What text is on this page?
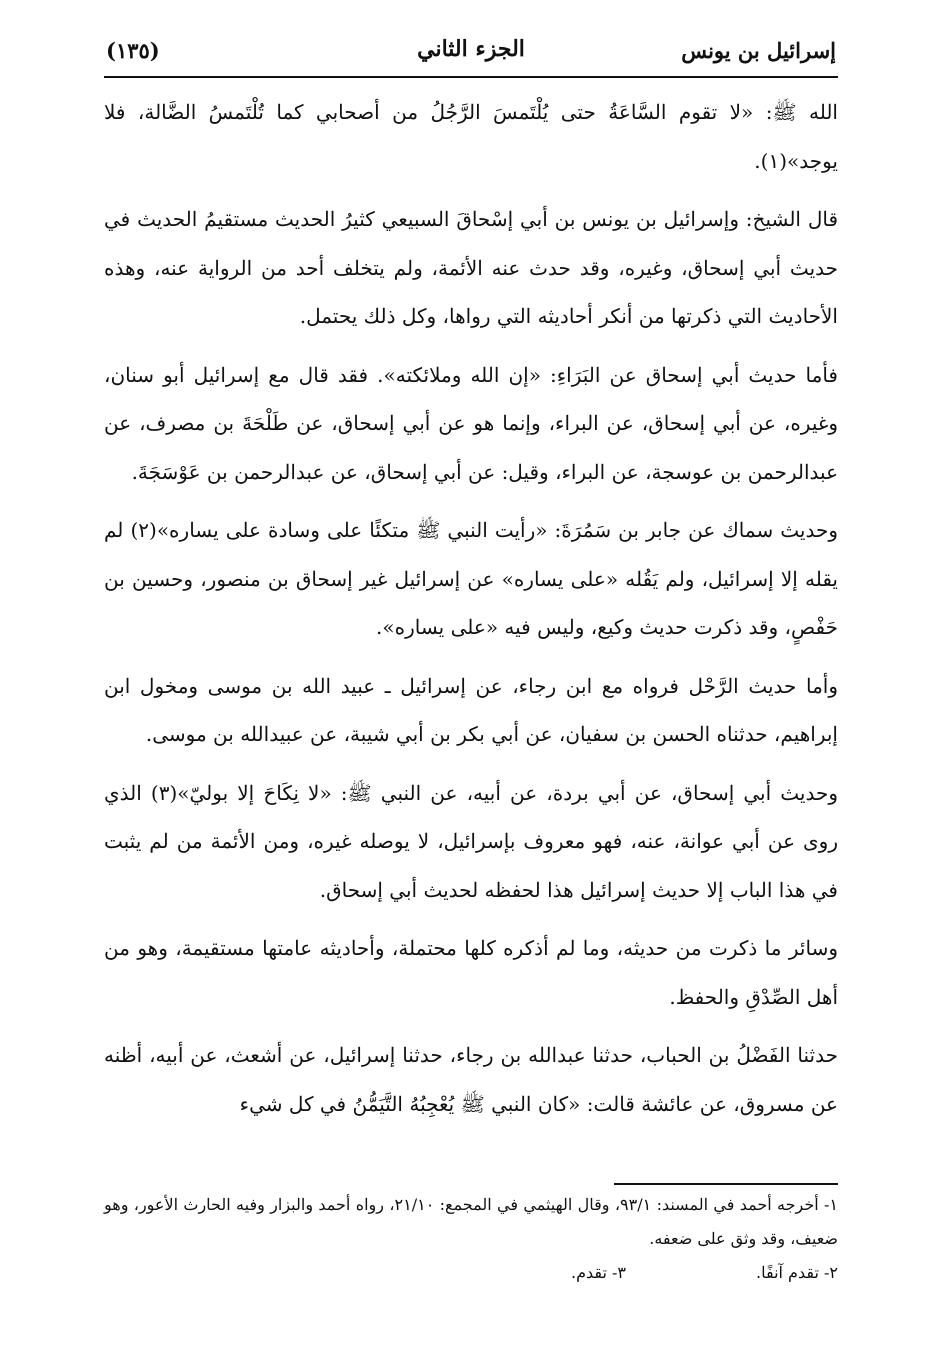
إسرائيل بن يونس
الجزء الثاني
(١٣٥)

الله ﷺ: «لا تقوم السَّاعَةُ حتى يُلْتَمسَ الرَّجُلُ من أصحابي كما تُلْتَمسُ الضَّالة، فلا يوجد»(١).

قال الشيخ: وإسرائيل بن يونس بن أبي إسْحاقَ السبيعي كثيرُ الحديث مستقيمُ الحديث في حديث أبي إسحاق، وغيره، وقد حدث عنه الأئمة، ولم يتخلف أحد من الرواية عنه، وهذه الأحاديث التي ذكرتها من أنكر أحاديثه التي رواها، وكل ذلك يحتمل.

فأما حديث أبي إسحاق عن البَرَاءِ: «إن الله وملائكته». فقد قال مع إسرائيل أبو سنان، وغيره، عن أبي إسحاق، عن البراء، وإنما هو عن أبي إسحاق، عن طَلْحَةَ بن مصرف، عن عبدالرحمن بن عوسجة، عن البراء، وقيل: عن أبي إسحاق، عن عبدالرحمن بن عَوْسَجَةَ.

وحديث سماك عن جابر بن سَمُرَةَ: «رأيت النبي ﷺ متكئًا على وسادة على يساره»(٢) لم يقله إلا إسرائيل، ولم يَقُله «على يساره» عن إسرائيل غير إسحاق بن منصور، وحسين بن حَفْصٍ، وقد ذكرت حديث وكيع، وليس فيه «على يساره».

وأما حديث الرَّحْل فرواه مع ابن رجاء، عن إسرائيل ـ عبيد الله بن موسى ومخول ابن إبراهيم، حدثناه الحسن بن سفيان، عن أبي بكر بن أبي شيبة، عن عبيدالله بن موسى.

وحديث أبي إسحاق، عن أبي بردة، عن أبيه، عن النبي ﷺ: «لا نِكَاحَ إلا بوليّ»(٣) الذي روى عن أبي عوانة، عنه، فهو معروف بإسرائيل، لا يوصله غيره، ومن الأئمة من لم يثبت في هذا الباب إلا حديث إسرائيل هذا لحفظه لحديث أبي إسحاق.

وسائر ما ذكرت من حديثه، وما لم أذكره كلها محتملة، وأحاديثه عامتها مستقيمة، وهو من أهل الصِّدْقِ والحفظ.

حدثنا الفَضْلُ بن الحباب، حدثنا عبدالله بن رجاء، حدثنا إسرائيل، عن أشعث، عن أبيه، أظنه عن مسروق، عن عائشة قالت: «كان النبي ﷺ يُعْجِبُهُ التَّيَمُّنُ في كل شيء

١- أخرجه أحمد في المسند: ٩٣/١، وقال الهيثمي في المجمع: ٢١/١٠، رواه أحمد والبزار وفيه الحارث الأعور، وهو ضعيف، وقد وثق على ضعفه.

٢- تقدم آنفًا.
٣- تقدم.
